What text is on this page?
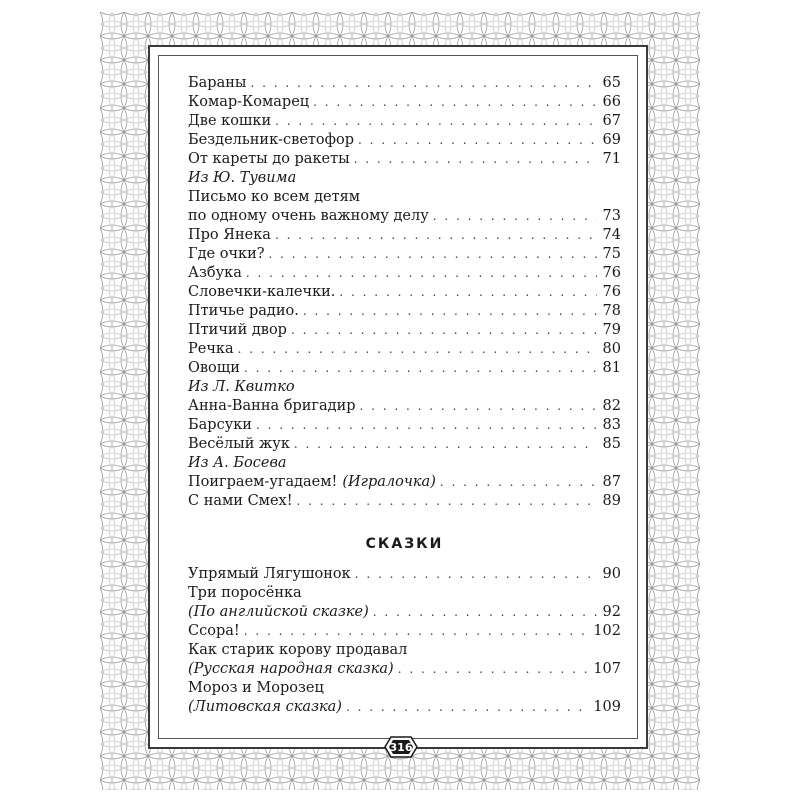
Бараны . . .	65
Комар-Комарец . . .	66
Две кошки . . .	67
Бездельник-светофор . . .	69
От кареты до ракеты . . .	71
Из Ю. Тувима
Письмо ко всем детям
по одному очень важному делу . . .	73
Про Янека . . .	74
Где очки? . . .	75
Азбука . . .	76
Словечки-калечки. . . .	76
Птичье радио. . . .	78
Птичий двор . . .	79
Речка . . .	80
Овощи . . .	81
Из Л. Квитко
Анна-Ванна бригадир . . .	82
Барсуки . . .	83
Весёлый жук . . .	85
Из А. Босева
Поиграем-угадаем! (Игралочка) . . .	87
С нами Смех! . . .	89
СКАЗКИ
Упрямый Лягушонок . . .	90
Три поросёнка
(По английской сказке) . . .	92
Ссора! . . .	102
Как старик корову продавал
(Русская народная сказка) . . .	107
Мороз и Морозец
(Литовская сказка) . . .	109
316
